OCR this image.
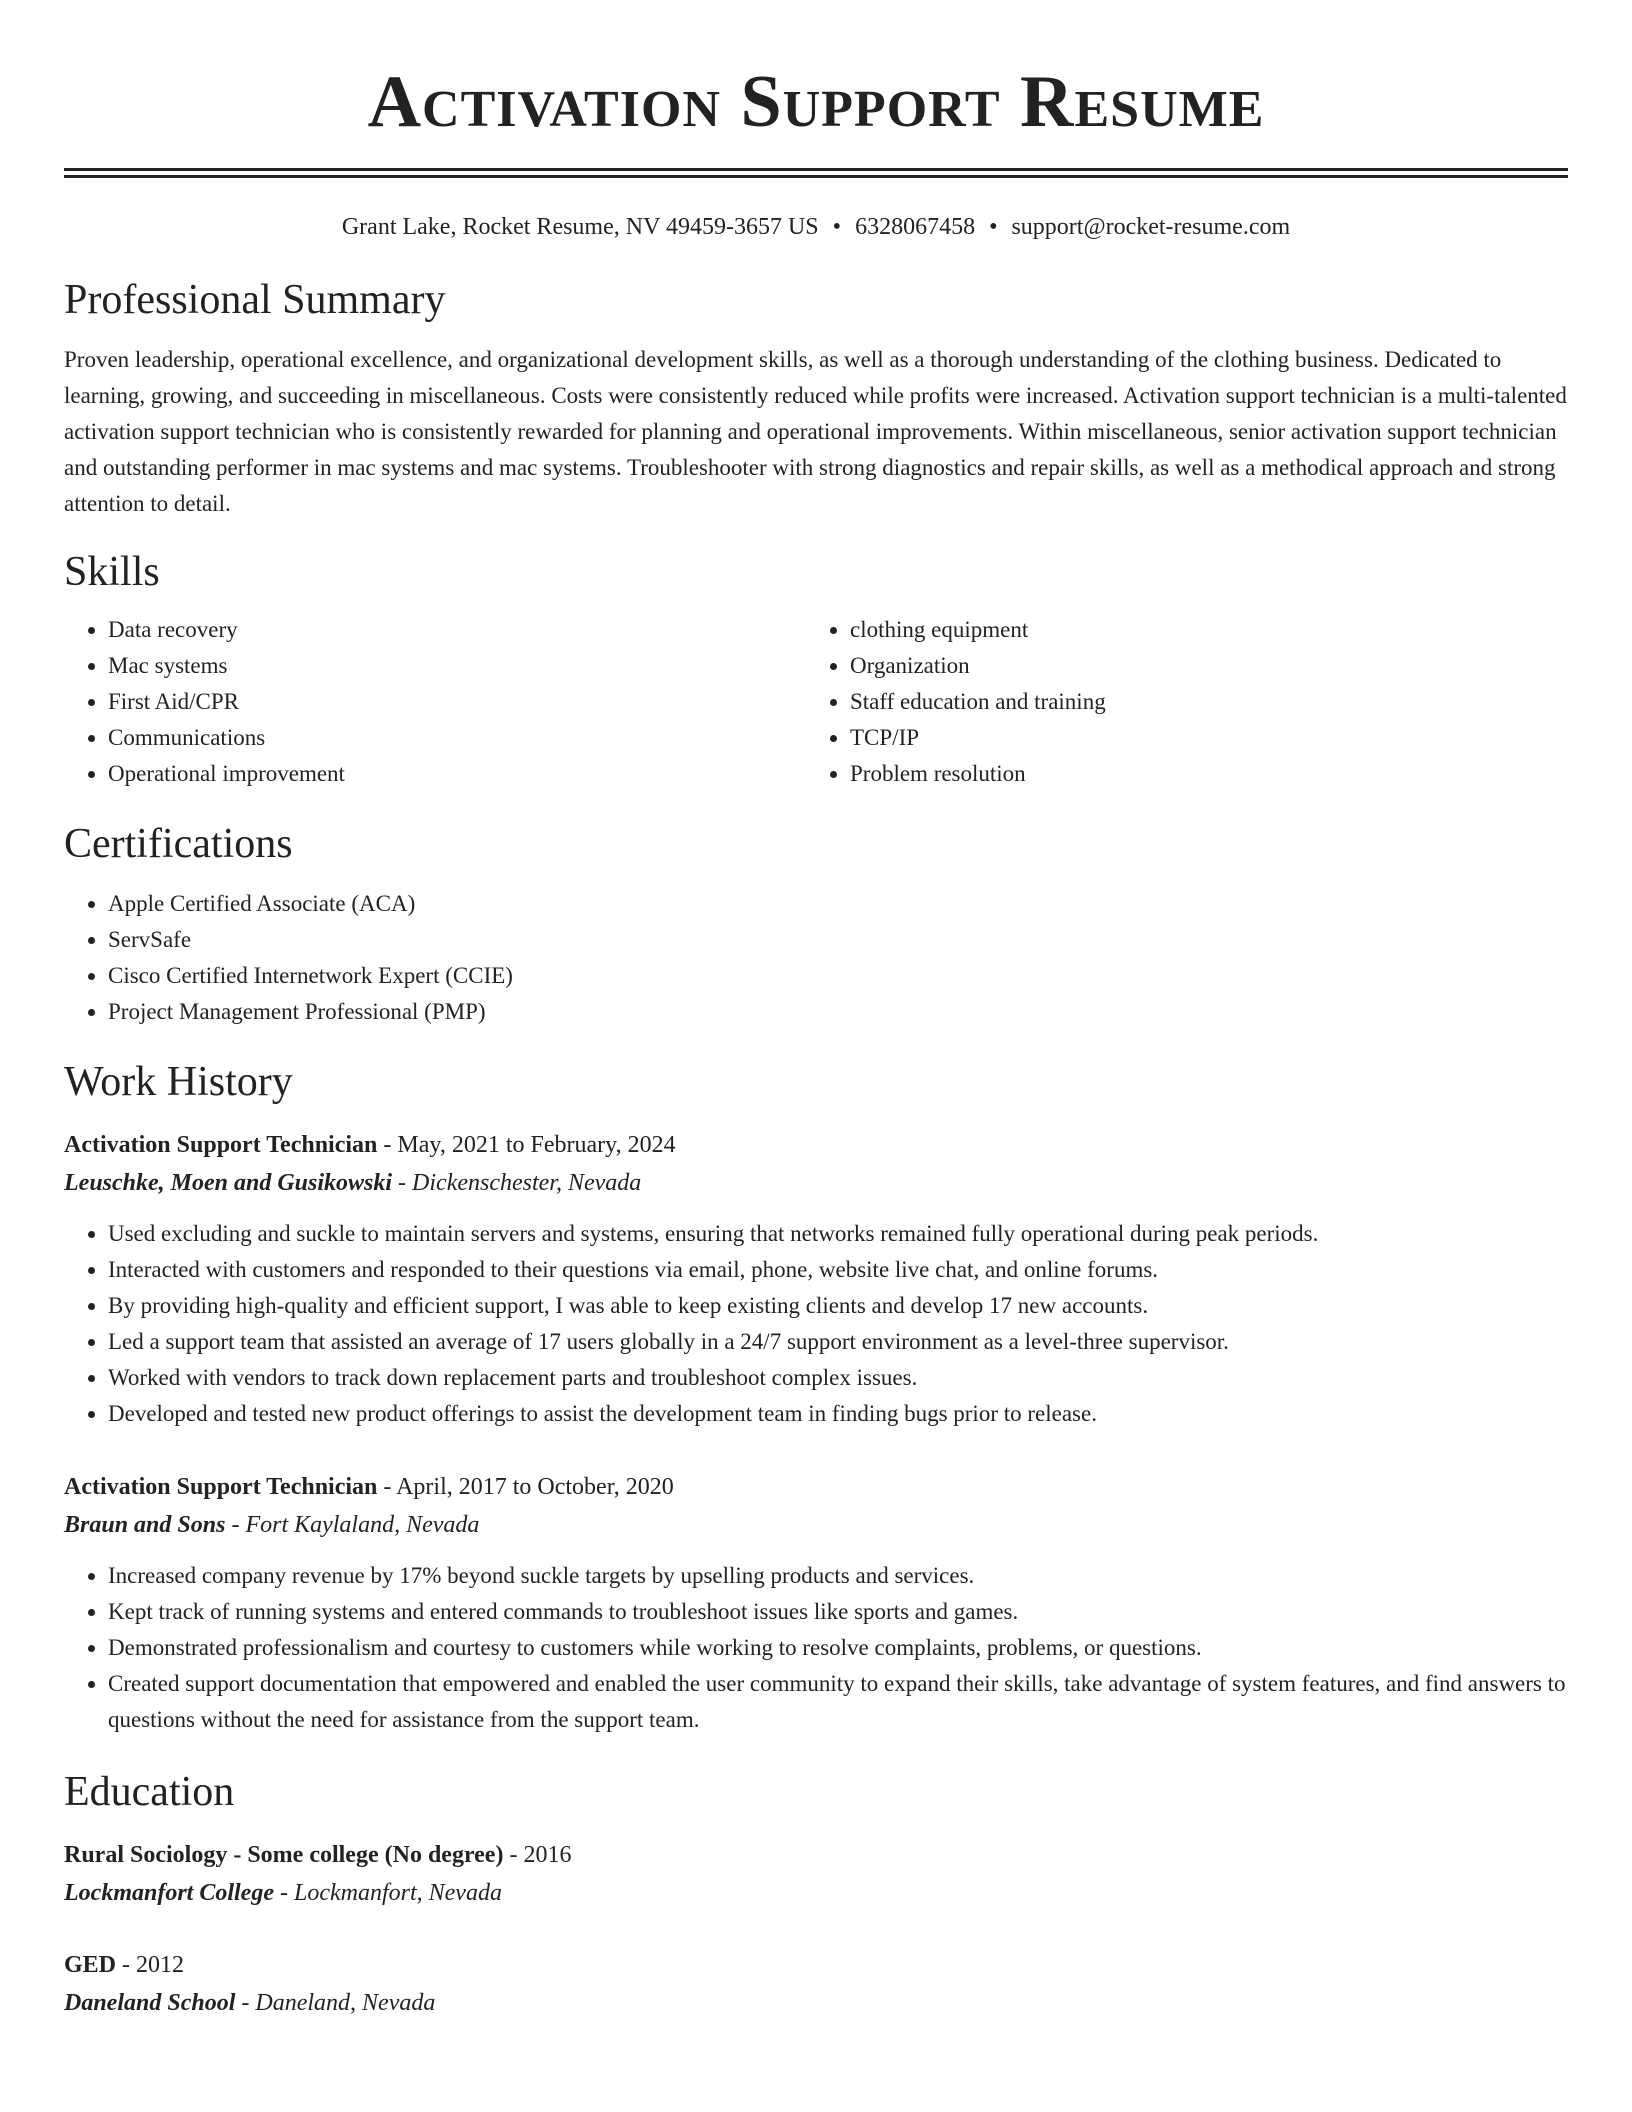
Activation Support Resume
Grant Lake, Rocket Resume, NV 49459-3657 US • 6328067458 • support@rocket-resume.com
Professional Summary

Proven leadership, operational excellence, and organizational development skills, as well as a thorough understanding of the clothing business. Dedicated to learning, growing, and succeeding in miscellaneous. Costs were consistently reduced while profits were increased. Activation support technician is a multi-talented activation support technician who is consistently rewarded for planning and operational improvements. Within miscellaneous, senior activation support technician and outstanding performer in mac systems and mac systems. Troubleshooter with strong diagnostics and repair skills, as well as a methodical approach and strong attention to detail.

Skills
• Data recovery
• Mac systems
• First Aid/CPR
• Communications
• Operational improvement
• clothing equipment
• Organization
• Staff education and training
• TCP/IP
• Problem resolution
Certifications
• Apple Certified Associate (ACA)
• ServSafe
• Cisco Certified Internetwork Expert (CCIE)
• Project Management Professional (PMP)
Work History
Activation Support Technician - May, 2021 to February, 2024
Leuschke, Moen and Gusikowski - Dickenschester, Nevada
• Used excluding and suckle to maintain servers and systems, ensuring that networks remained fully operational during peak periods.
• Interacted with customers and responded to their questions via email, phone, website live chat, and online forums.
• By providing high-quality and efficient support, I was able to keep existing clients and develop 17 new accounts.
• Led a support team that assisted an average of 17 users globally in a 24/7 support environment as a level-three supervisor.
• Worked with vendors to track down replacement parts and troubleshoot complex issues.
• Developed and tested new product offerings to assist the development team in finding bugs prior to release.
Activation Support Technician - April, 2017 to October, 2020
Braun and Sons - Fort Kaylaland, Nevada
• Increased company revenue by 17% beyond suckle targets by upselling products and services.
• Kept track of running systems and entered commands to troubleshoot issues like sports and games.
• Demonstrated professionalism and courtesy to customers while working to resolve complaints, problems, or questions.
• Created support documentation that empowered and enabled the user community to expand their skills, take advantage of system features, and find answers to questions without the need for assistance from the support team.
Education
Rural Sociology - Some college (No degree) - 2016
Lockmanfort College - Lockmanfort, Nevada
GED - 2012
Daneland School - Daneland, Nevada
